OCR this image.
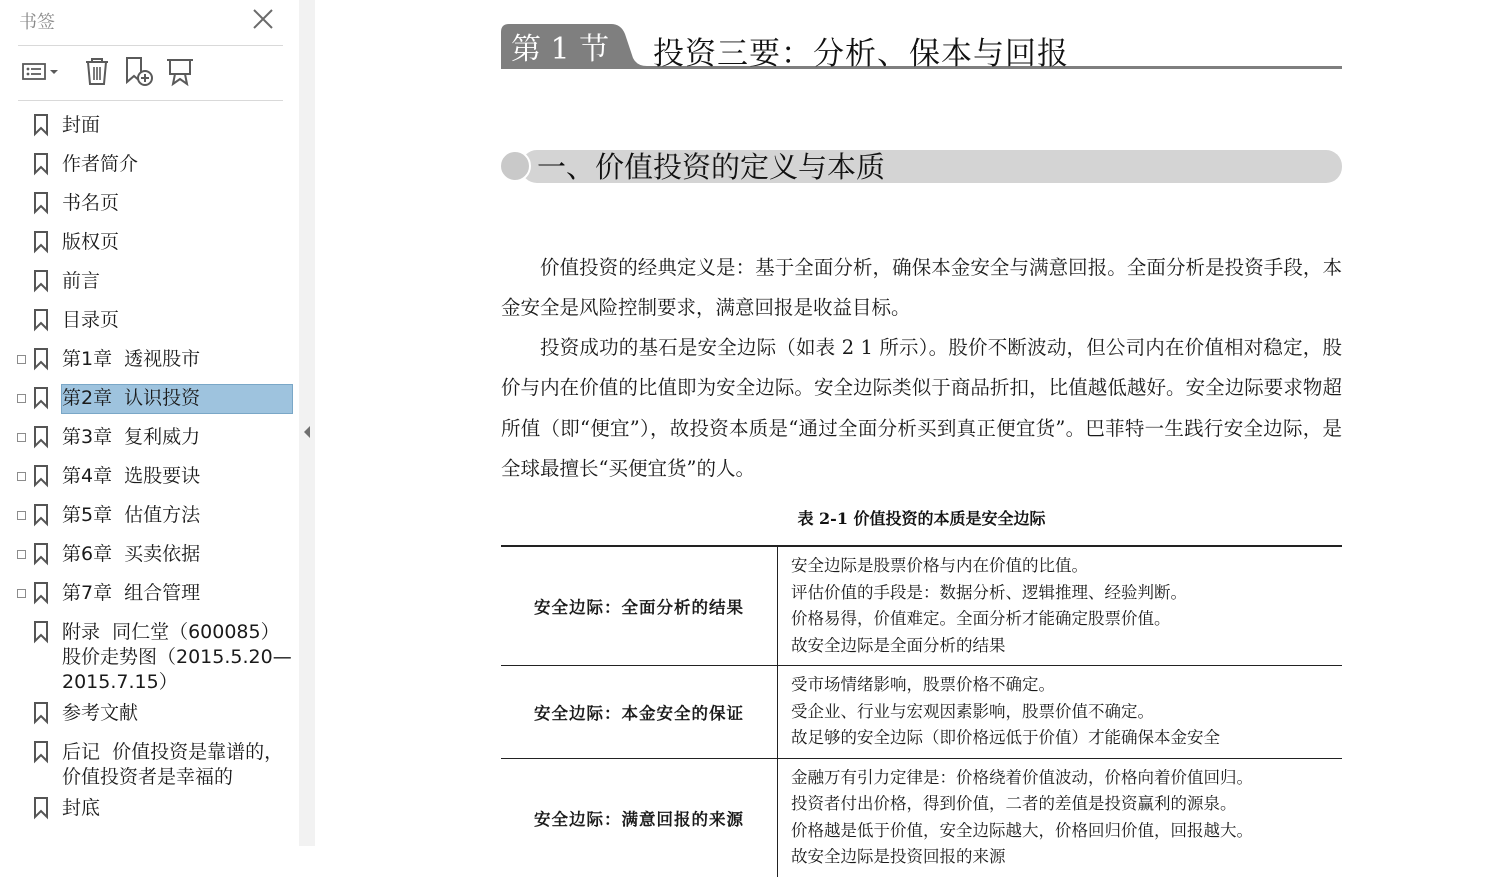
书签
封面
作者简介
书名页
版权页
前言
目录页
第1章  透视股市
第2章  认识投资
第3章  复利威力
第4章  选股要诀
第5章  估值方法
第6章  买卖依据
第7章  组合管理
附录  同仁堂（600085）股价走势图（2015.5.20—2015.7.15）
参考文献
后记  价值投资是靠谱的，价值投资者是幸福的
封底
第 1 节 投资三要：分析、保本与回报
一、价值投资的定义与本质

价值投资的经典定义是：基于全面分析，确保本金安全与满意回报。全面分析是投资手段，本金安全是风险控制要求，满意回报是收益目标。

投资成功的基石是安全边际（如表 2 1 所示）。股价不断波动，但公司内在价值相对稳定，股价与内在价值的比值即为安全边际。安全边际类似于商品折扣，比值越低越好。安全边际要求物超所值（即“便宜”），故投资本质是“通过全面分析买到真正便宜货”。巴菲特一生践行安全边际，是全球最擅长“买便宜货”的人。

表 2-1 价值投资的本质是安全边际
安全边际：全面分析的结果	安全边际是股票价格与内在价值的比值。
评估价值的手段是：数据分析、逻辑推理、经验判断。
价格易得，价值难定。全面分析才能确定股票价值。
故安全边际是全面分析的结果

安全边际：本金安全的保证	受市场情绪影响，股票价格不确定。
受企业、行业与宏观因素影响，股票价值不确定。
故足够的安全边际（即价格远低于价值）才能确保本金安全

安全边际：满意回报的来源	金融万有引力定律是：价格绕着价值波动，价格向着价值回归。
投资者付出价格，得到价值，二者的差值是投资赢利的源泉。
价格越是低于价值，安全边际越大，价格回归价值，回报越大。
故安全边际是投资回报的来源
